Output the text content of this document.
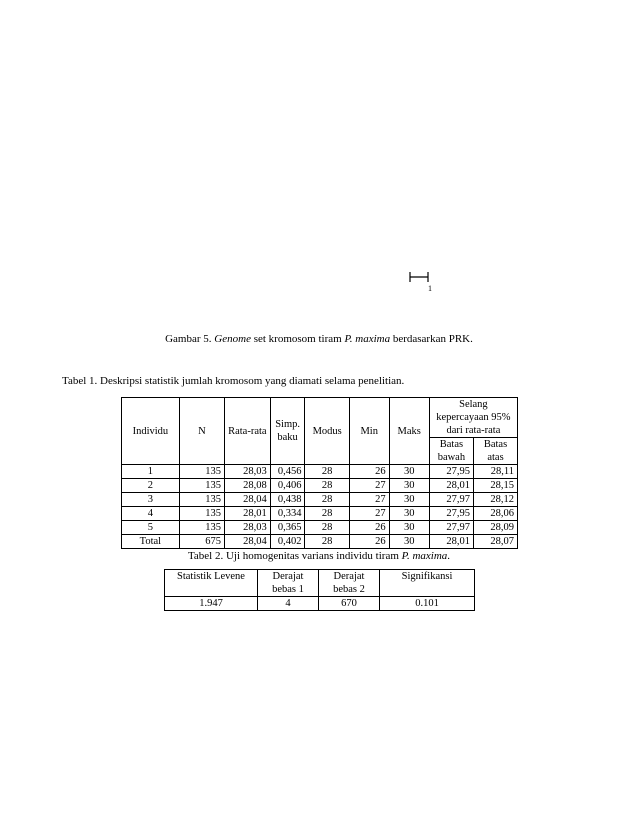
1
Gambar 5. Genome set kromosom tiram P. maxima berdasarkan PRK.
Tabel 1. Deskripsi statistik jumlah kromosom yang diamati selama penelitian.
Individu	N	Rata-rata	Simp. baku	Modus	Min	Maks	Selang kepercayaan 95% dari rata-rata	
							Batas bawah	Batas atas
1	135	28,03	0,456	28	26	30	27,95	28,11
2	135	28,08	0,406	28	27	30	28,01	28,15
3	135	28,04	0,438	28	27	30	27,97	28,12
4	135	28,01	0,334	28	27	30	27,95	28,06
5	135	28,03	0,365	28	26	30	27,97	28,09
Total	675	28,04	0,402	28	26	30	28,01	28,07
Tabel 2. Uji homogenitas varians individu tiram P. maxima.
Statistik Levene	Derajat bebas 1	Derajat bebas 2	Signifikansi
1.947	4	670	0.101
